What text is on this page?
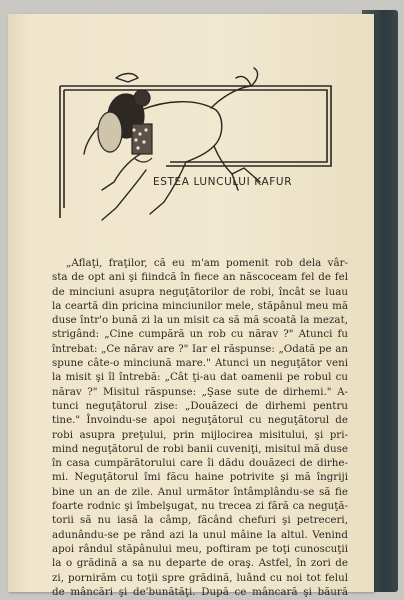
ESTEA LUNCULUI KAFUR
„Aflaţi, fraţilor, că eu m'am pomenit rob dela vâr-
sta de opt ani şi fiindcă în fiece an născoceam fel de fel
de minciuni asupra neguţătorilor de robi, încât se luau
la ceartă din pricina minciunilor mele, stăpânul meu mă
duse într'o bună zi la un misit ca să mă scoată la mezat,
strigând: „Cine cumpără un rob cu nărav ?" Atunci fu
întrebat: „Ce nărav are ?" Iar el răspunse: „Odată pe an
spune câte-o minciună mare." Atunci un neguţător veni
la misit şi îl întrebă: „Cât ţi-au dat oamenii pe robul cu
nărav ?" Misitul răspunse: „Şase sute de dirhemi." A-
tunci neguţătorul zise: „Douăzeci de dirhemi pentru
tine." Învoindu-se apoi neguţătorul cu neguţătorul de
robi asupra preţului, prin mijlocirea misitului, şi pri-
mind neguţătorul de robi banii cuveniţi, misitul mă duse
în casa cumpărătorului care îi dădu douăzeci de dirhe-
mi. Neguţătorul îmi făcu haine potrivite şi mă îngriji
bine un an de zile. Anul următor întâmplându-se să fie
foarte rodnic şi îmbelşugat, nu trecea zi fără ca neguţă-
torii să nu iasă la câmp, făcând chefuri şi petreceri,
adunându-se pe rând azi la unul mâine la altul. Venind
apoi rândul stăpânului meu, poftiram pe toţi cunoscuţii
la o grădină a sa nu departe de oraş. Astfel, în zori de
zi, pornirăm cu toţii spre grădină, luând cu noi tot felul
de mâncări şi de'bunătăţi. După ce mâncară şi băură
